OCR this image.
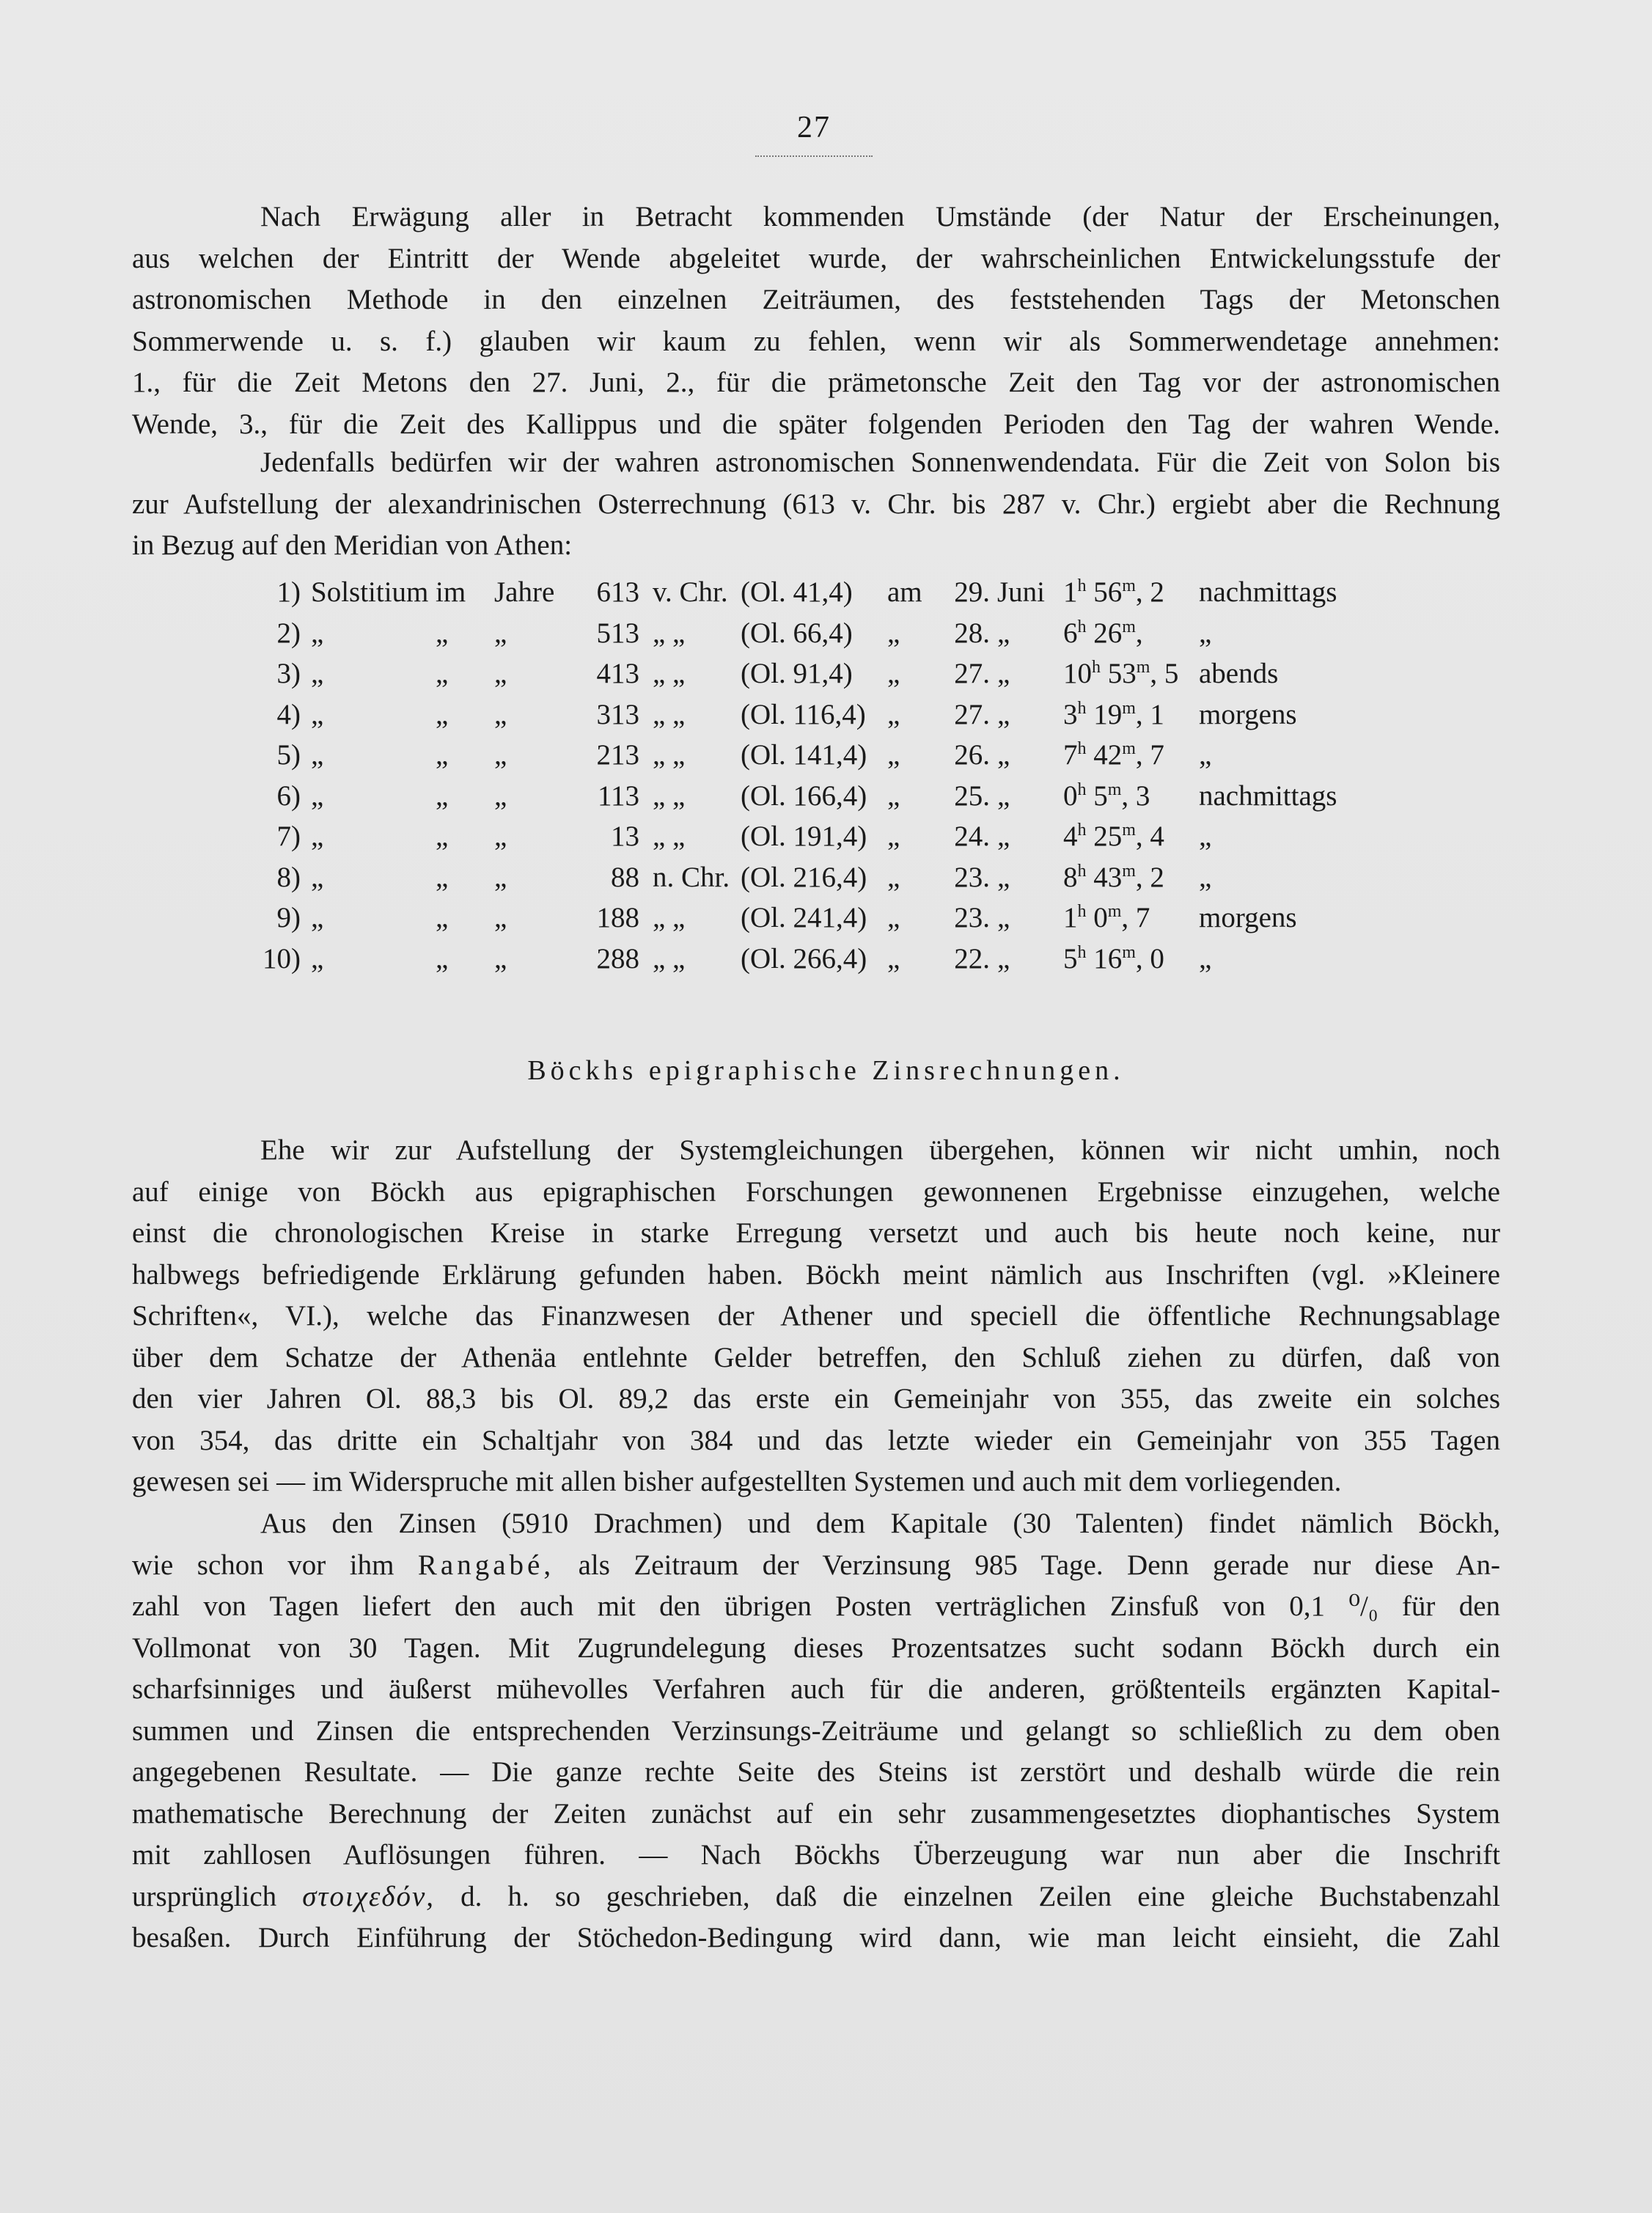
27
Nach Erwägung aller in Betracht kommenden Umstände (der Natur der Erscheinungen,
aus welchen der Eintritt der Wende abgeleitet wurde, der wahrscheinlichen Entwickelungsstufe der
astronomischen Methode in den einzelnen Zeiträumen, des feststehenden Tags der Metonschen
Sommerwende u. s. f.) glauben wir kaum zu fehlen, wenn wir als Sommerwendetage annehmen:
1., für die Zeit Metons den 27. Juni, 2., für die prämetonsche Zeit den Tag vor der astronomischen
Wende, 3., für die Zeit des Kallippus und die später folgenden Perioden den Tag der wahren Wende.
Jedenfalls bedürfen wir der wahren astronomischen Sonnenwendendata. Für die Zeit von Solon bis
zur Aufstellung der alexandrinischen Osterrechnung (613 v. Chr. bis 287 v. Chr.) ergiebt aber die Rechnung
in Bezug auf den Meridian von Athen:
1)	Solstitium	im	Jahre	613	v. Chr.	(Ol. 41,4)	am	29.	Juni	1$^h$ 56$^m$, 2	nachmittags
2)	„	„	„	513	„ „	(Ol. 66,4)	„	28.	„	6$^h$ 26$^m$,	„
3)	„	„	„	413	„ „	(Ol. 91,4)	„	27.	„	10$^h$ 53$^m$, 5	abends
4)	„	„	„	313	„ „	(Ol. 116,4)	„	27.	„	3$^h$ 19$^m$, 1	morgens
5)	„	„	„	213	„ „	(Ol. 141,4)	„	26.	„	7$^h$ 42$^m$, 7	„
6)	„	„	„	113	„ „	(Ol. 166,4)	„	25.	„	0$^h$ 5$^m$, 3	nachmittags
7)	„	„	„	13	„ „	(Ol. 191,4)	„	24.	„	4$^h$ 25$^m$, 4	„
8)	„	„	„	88	n. Chr.	(Ol. 216,4)	„	23.	„	8$^h$ 43$^m$, 2	„
9)	„	„	„	188	„ „	(Ol. 241,4)	„	23.	„	1$^h$ 0$^m$, 7	morgens
10)	„	„	„	288	„ „	(Ol. 266,4)	„	22.	„	5$^h$ 16$^m$, 0	„
Böckhs epigraphische Zinsrechnungen.
Ehe wir zur Aufstellung der Systemgleichungen übergehen, können wir nicht umhin, noch
auf einige von Böckh aus epigraphischen Forschungen gewonnenen Ergebnisse einzugehen, welche
einst die chronologischen Kreise in starke Erregung versetzt und auch bis heute noch keine, nur
halbwegs befriedigende Erklärung gefunden haben. Böckh meint nämlich aus Inschriften (vgl. »Kleinere
Schriften«, VI.), welche das Finanzwesen der Athener und speciell die öffentliche Rechnungsablage
über dem Schatze der Athenäa entlehnte Gelder betreffen, den Schluß ziehen zu dürfen, daß von
den vier Jahren Ol. 88,3 bis Ol. 89,2 das erste ein Gemeinjahr von 355, das zweite ein solches
von 354, das dritte ein Schaltjahr von 384 und das letzte wieder ein Gemeinjahr von 355 Tagen
gewesen sei — im Widerspruche mit allen bisher aufgestellten Systemen und auch mit dem vorliegenden.
Aus den Zinsen (5910 Drachmen) und dem Kapitale (30 Talenten) findet nämlich Böckh,
wie schon vor ihm Rangabé, als Zeitraum der Verzinsung 985 Tage. Denn gerade nur diese An-
zahl von Tagen liefert den auch mit den übrigen Posten verträglichen Zinsfuß von 0,1 ⁰/₀ für den
Vollmonat von 30 Tagen. Mit Zugrundelegung dieses Prozentsatzes sucht sodann Böckh durch ein
scharfsinniges und äußerst mühevolles Verfahren auch für die anderen, größtenteils ergänzten Kapital-
summen und Zinsen die entsprechenden Verzinsungs-Zeiträume und gelangt so schließlich zu dem oben
angegebenen Resultate. — Die ganze rechte Seite des Steins ist zerstört und deshalb würde die rein
mathematische Berechnung der Zeiten zunächst auf ein sehr zusammengesetztes diophantisches System
mit zahllosen Auflösungen führen. — Nach Böckhs Überzeugung war nun aber die Inschrift
ursprünglich στοιχεδόν, d. h. so geschrieben, daß die einzelnen Zeilen eine gleiche Buchstabenzahl
besaßen. Durch Einführung der Stöchedon-Bedingung wird dann, wie man leicht einsieht, die Zahl
